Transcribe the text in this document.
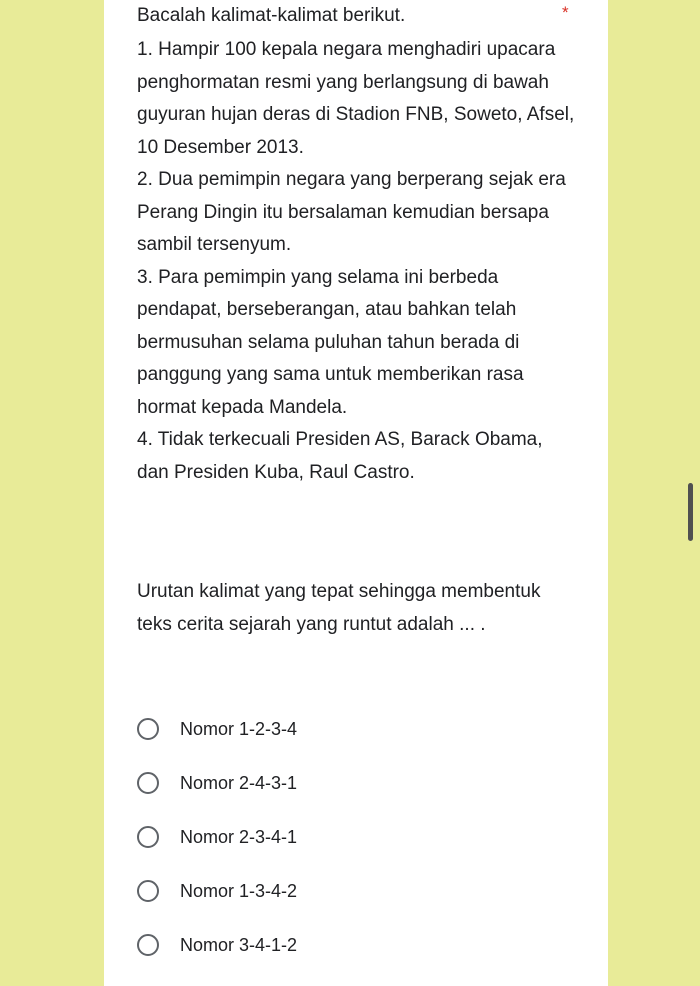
Bacalah kalimat-kalimat berikut.	*

1. Hampir 100 kepala negara menghadiri upacara penghormatan resmi yang berlangsung di bawah guyuran hujan deras di Stadion FNB, Soweto, Afsel, 10 Desember 2013.

2. Dua pemimpin negara yang berperang sejak era Perang Dingin itu bersalaman kemudian bersapa sambil tersenyum.

3. Para pemimpin yang selama ini berbeda pendapat, berseberangan, atau bahkan telah bermusuhan selama puluhan tahun berada di panggung yang sama untuk memberikan rasa hormat kepada Mandela.

4. Tidak terkecuali Presiden AS, Barack Obama, dan Presiden Kuba, Raul Castro.

Urutan kalimat yang tepat sehingga membentuk teks cerita sejarah yang runtut adalah ... .
Nomor 1-2-3-4
Nomor 2-4-3-1
Nomor 2-3-4-1
Nomor 1-3-4-2
Nomor 3-4-1-2
